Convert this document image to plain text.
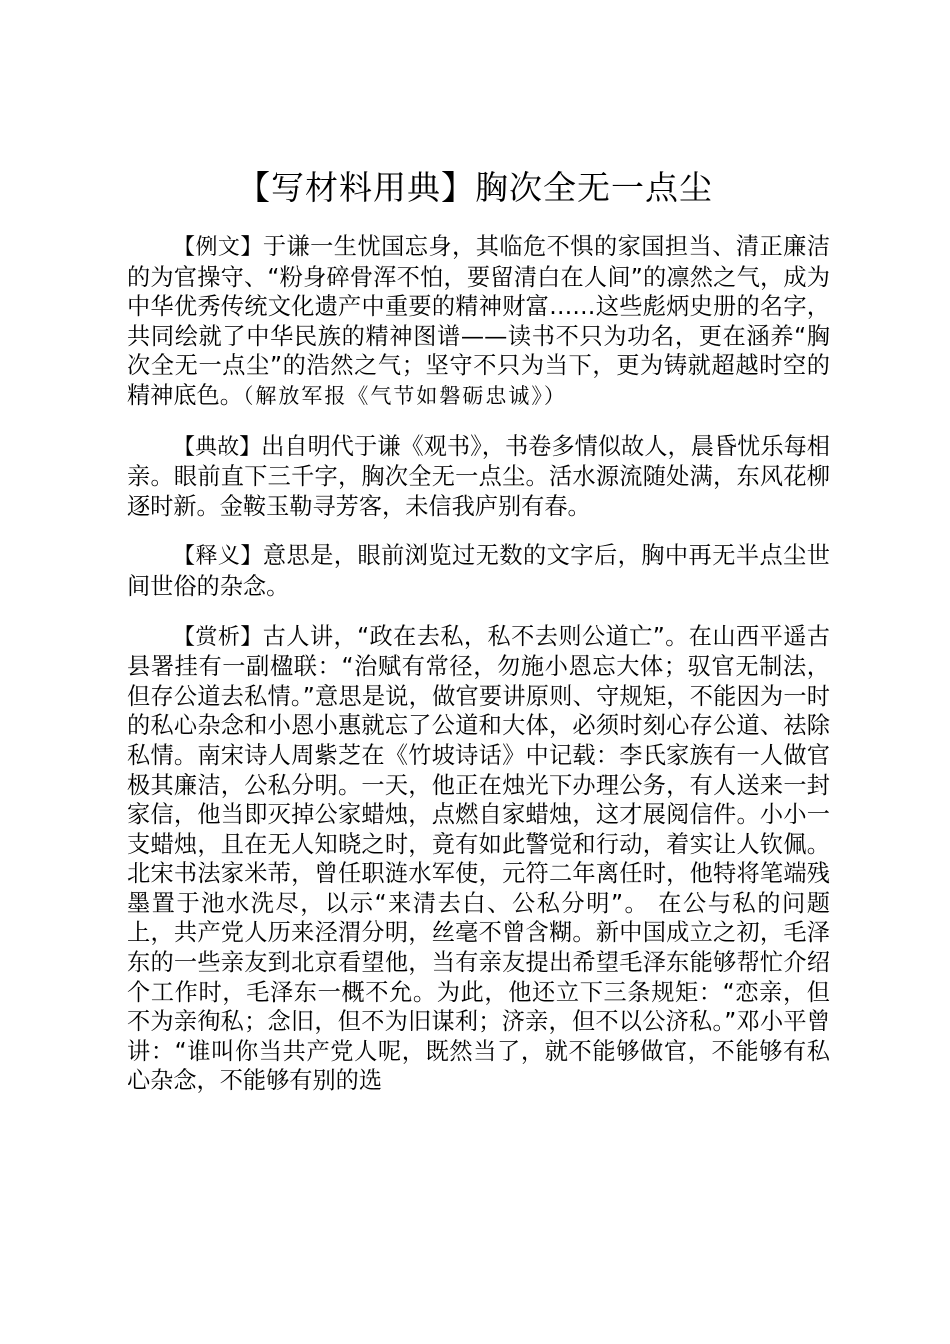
【写材料用典】胸次全无一点尘

【例文】于谦一生忧国忘身，其临危不惧的家国担当、清正廉洁的为官操守、“粉身碎骨浑不怕，要留清白在人间”的凛然之气，成为中华优秀传统文化遗产中重要的精神财富……这些彪炳史册的名字，共同绘就了中华民族的精神图谱——读书不只为功名，更在涵养“胸次全无一点尘”的浩然之气；坚守不只为当下，更为铸就超越时空的精神底色。（解放军报《气节如磐砺忠诚》）

【典故】出自明代于谦《观书》，书卷多情似故人，晨昏忧乐每相亲。眼前直下三千字，胸次全无一点尘。活水源流随处满，东风花柳逐时新。金鞍玉勒寻芳客，未信我庐别有春。

【释义】意思是，眼前浏览过无数的文字后，胸中再无半点尘世间世俗的杂念。

【赏析】古人讲，“政在去私，私不去则公道亡”。在山西平遥古县署挂有一副楹联：“治赋有常径，勿施小恩忘大体；驭官无制法，但存公道去私情。”意思是说，做官要讲原则、守规矩，不能因为一时的私心杂念和小恩小惠就忘了公道和大体，必须时刻心存公道、祛除私情。南宋诗人周紫芝在《竹坡诗话》中记载：李氏家族有一人做官极其廉洁，公私分明。一天，他正在烛光下办理公务，有人送来一封家信，他当即灭掉公家蜡烛，点燃自家蜡烛，这才展阅信件。小小一支蜡烛，且在无人知晓之时，竟有如此警觉和行动，着实让人钦佩。北宋书法家米芾，曾任职涟水军使，元符二年离任时，他特将笔端残墨置于池水洗尽，以示“来清去白、公私分明”。 在公与私的问题上，共产党人历来泾渭分明，丝毫不曾含糊。新中国成立之初，毛泽东的一些亲友到北京看望他，当有亲友提出希望毛泽东能够帮忙介绍个工作时，毛泽东一概不允。为此，他还立下三条规矩：“恋亲，但不为亲徇私；念旧，但不为旧谋利；济亲，但不以公济私。”邓小平曾讲：“谁叫你当共产党人呢，既然当了，就不能够做官，不能够有私心杂念，不能够有别的选
